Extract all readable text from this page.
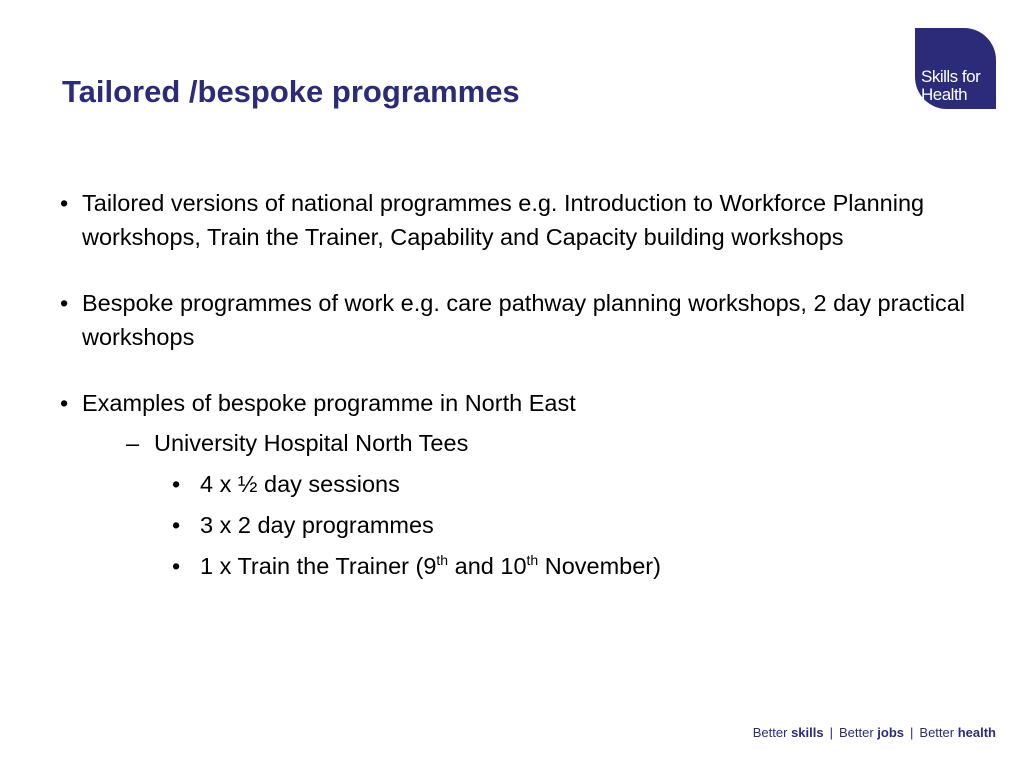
Tailored /bespoke programmes	Skills for
Health
• Tailored versions of national programmes e.g. Introduction to Workforce Planning workshops, Train the Trainer, Capability and Capacity building workshops
• Bespoke programmes of work e.g. care pathway planning workshops, 2 day practical workshops
• Examples of bespoke programme in North East
– University Hospital North Tees
• 4 x ½ day sessions
• 3 x 2 day programmes
• 1 x Train the Trainer (9th and 10th November)
Better skills | Better jobs | Better health
